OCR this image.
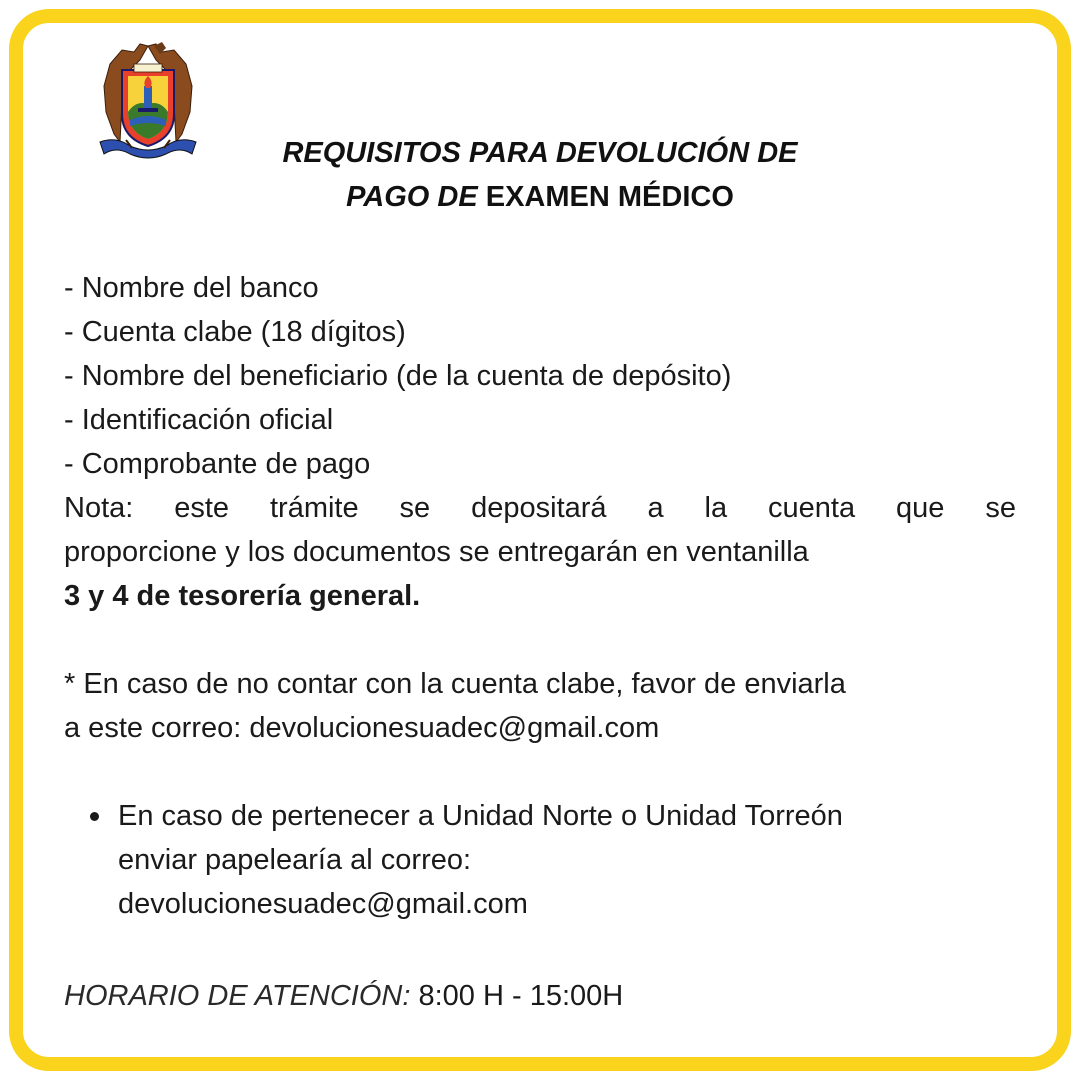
REQUISITOS PARA DEVOLUCIÓN DE
PAGO DE EXAMEN MÉDICO

- Nombre del banco

- Cuenta clabe (18 dígitos)

- Nombre del beneficiario (de la cuenta de depósito)

- Identificación oficial

- Comprobante de pago

Nota: este trámite se depositará a la cuenta que se

proporcione y los documentos se entregarán en ventanilla

3 y 4 de tesorería general.

* En caso de no contar con la cuenta clabe, favor de enviarla

a este correo: devolucionesuadec@gmail.com

En caso de pertenecer a Unidad Norte o Unidad Torreón

enviar papelearía al correo:

devolucionesuadec@gmail.com

HORARIO DE ATENCIÓN: 8:00 H - 15:00H
